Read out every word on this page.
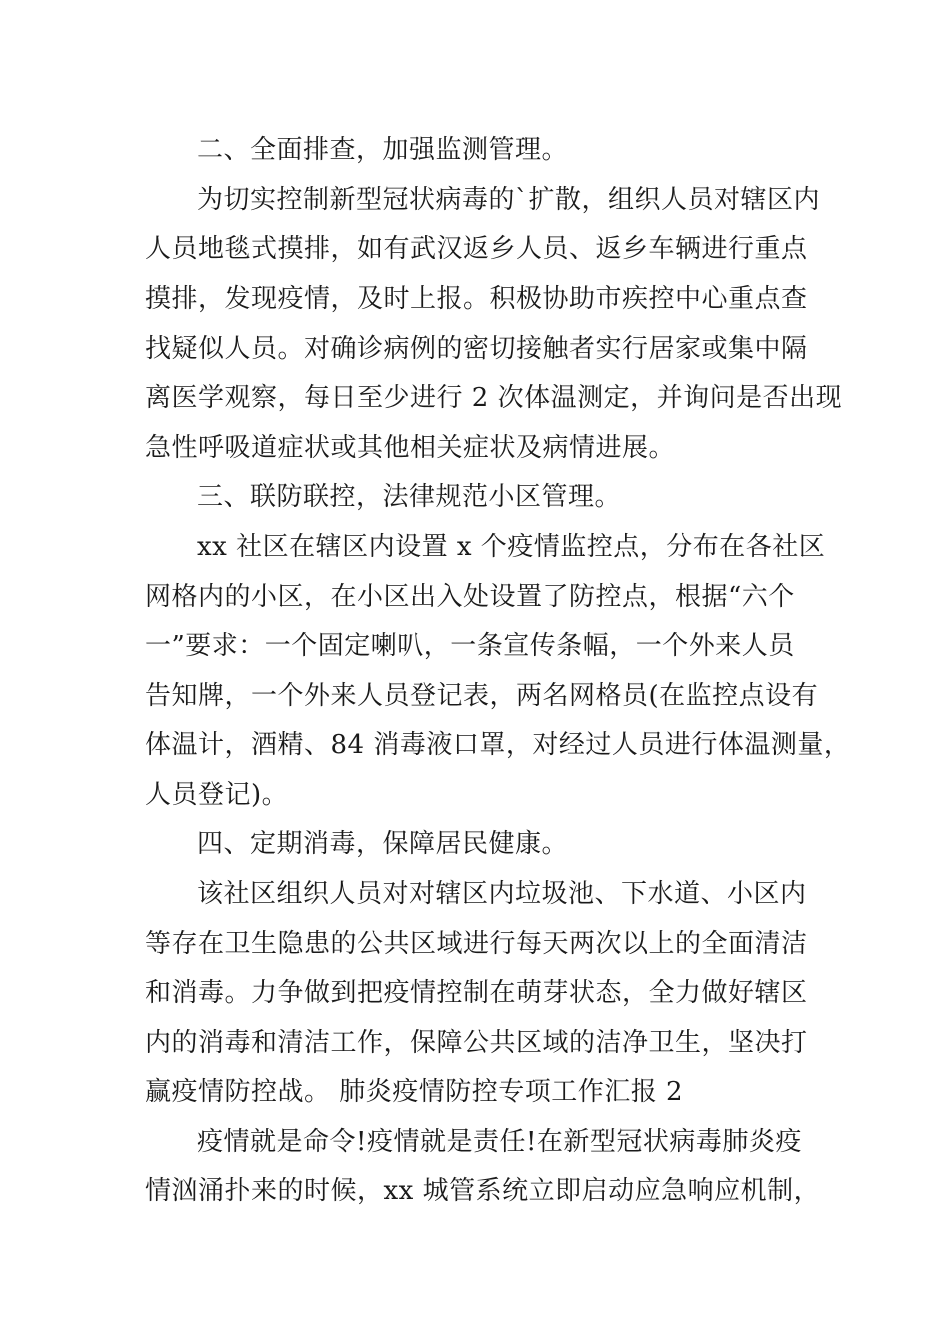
二、全面排查，加强监测管理。
为切实控制新型冠状病毒的`扩散，组织人员对辖区内
人员地毯式摸排，如有武汉返乡人员、返乡车辆进行重点
摸排，发现疫情，及时上报。积极协助市疾控中心重点查
找疑似人员。对确诊病例的密切接触者实行居家或集中隔
离医学观察，每日至少进行 2 次体温测定，并询问是否出现
急性呼吸道症状或其他相关症状及病情进展。
三、联防联控，法律规范小区管理。
xx 社区在辖区内设置 x 个疫情监控点，分布在各社区
网格内的小区，在小区出入处设置了防控点，根据“六个
一”要求：一个固定喇叭，一条宣传条幅，一个外来人员
告知牌，一个外来人员登记表，两名网格员(在监控点设有
体温计，酒精、84 消毒液口罩，对经过人员进行体温测量，
人员登记)。
四、定期消毒，保障居民健康。
该社区组织人员对对辖区内垃圾池、下水道、小区内
等存在卫生隐患的公共区域进行每天两次以上的全面清洁
和消毒。力争做到把疫情控制在萌芽状态，全力做好辖区
内的消毒和清洁工作，保障公共区域的洁净卫生，坚决打
赢疫情防控战。 肺炎疫情防控专项工作汇报 2
疫情就是命令!疫情就是责任!在新型冠状病毒肺炎疫
情汹涌扑来的时候，xx 城管系统立即启动应急响应机制，
